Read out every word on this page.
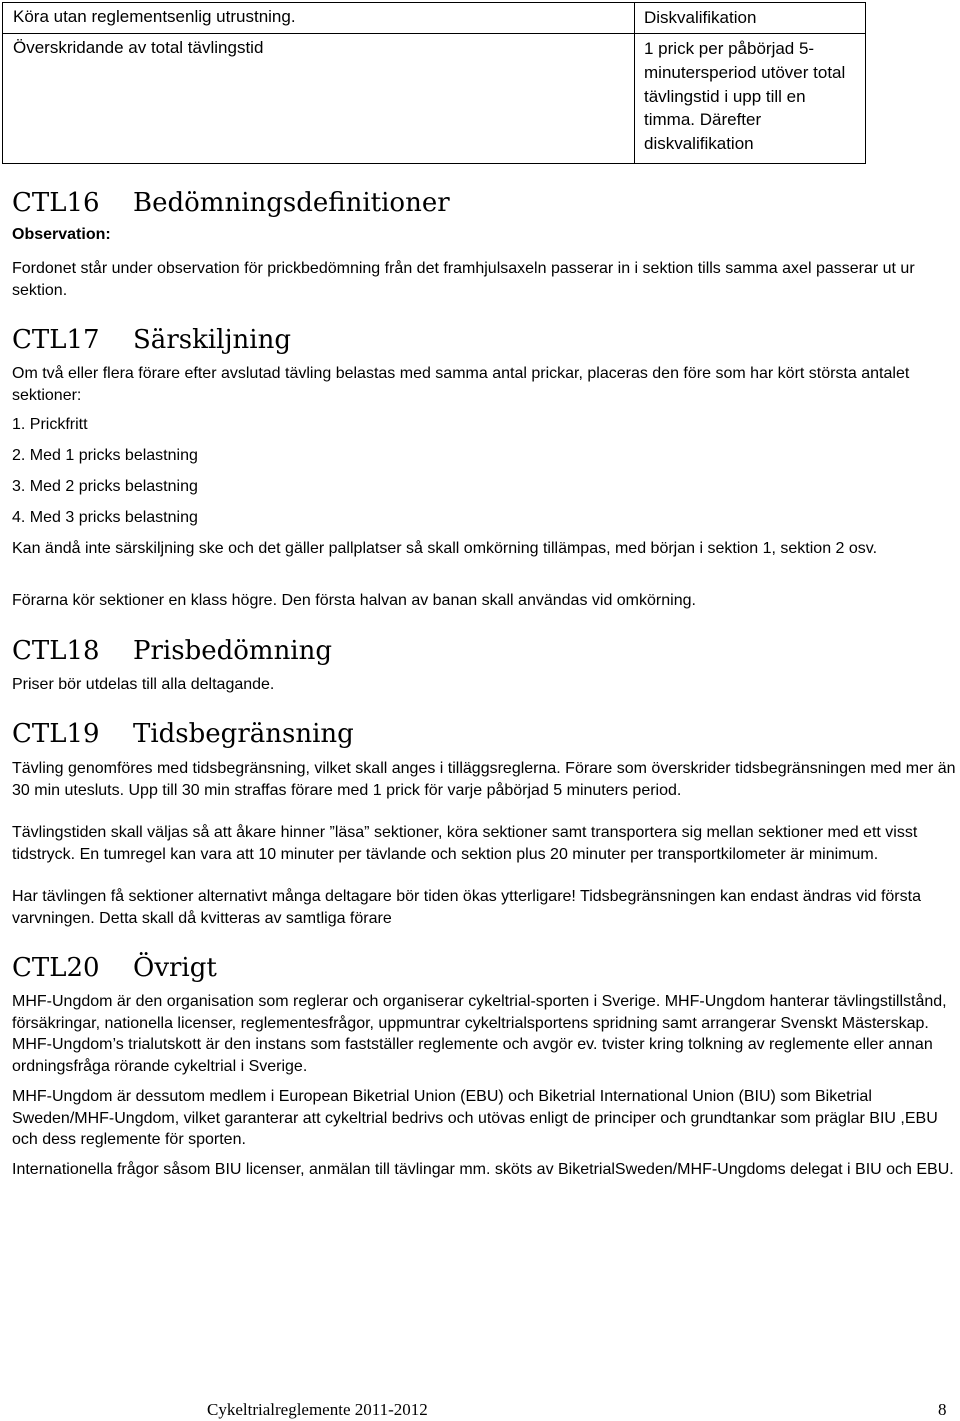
Köra utan reglementsenlig utrustning.	Diskvalifikation
Överskridande av total tävlingstid	1 prick per påbörjad 5-minutersperiod utöver total tävlingstid i upp till en timma. Därefter diskvalifikation
CTL16 Bedömningsdefinitioner
Observation:
Fordonet står under observation för prickbedömning från det framhjulsaxeln passerar in i sektion tills samma axel passerar ut ur sektion.
CTL17 Särskiljning
Om två eller flera förare efter avslutad tävling belastas med samma antal prickar, placeras den före som har kört största antalet sektioner:
1. Prickfritt
2. Med 1 pricks belastning
3. Med 2 pricks belastning
4. Med 3 pricks belastning
Kan ändå inte särskiljning ske och det gäller pallplatser så skall omkörning tillämpas, med början i sektion 1, sektion 2 osv.
Förarna kör sektioner en klass högre. Den första halvan av banan skall användas vid omkörning.
CTL18 Prisbedömning
Priser bör utdelas till alla deltagande.
CTL19 Tidsbegränsning
Tävling genomföres med tidsbegränsning, vilket skall anges i tilläggsreglerna. Förare som överskrider tidsbegränsningen med mer än 30 min utesluts. Upp till 30 min straffas förare med 1 prick för varje påbörjad 5 minuters period.
Tävlingstiden skall väljas så att åkare hinner ”läsa” sektioner, köra sektioner samt transportera sig mellan sektioner med ett visst tidstryck. En tumregel kan vara att 10 minuter per tävlande och sektion plus 20 minuter per transportkilometer är minimum.
Har tävlingen få sektioner alternativt många deltagare bör tiden ökas ytterligare! Tidsbegränsningen kan endast ändras vid första varvningen. Detta skall då kvitteras av samtliga förare
CTL20 Övrigt
MHF-Ungdom är den organisation som reglerar och organiserar cykeltrial-sporten i Sverige. MHF-Ungdom hanterar tävlingstillstånd, försäkringar, nationella licenser, reglementesfrågor, uppmuntrar cykeltrialsportens spridning samt arrangerar Svenskt Mästerskap. MHF-Ungdom’s trialutskott är den instans som fastställer reglemente och avgör ev. tvister kring tolkning av reglemente eller annan ordningsfråga rörande cykeltrial i Sverige.
MHF-Ungdom är dessutom medlem i European Biketrial Union (EBU) och Biketrial International Union (BIU) som Biketrial Sweden/MHF-Ungdom, vilket garanterar att cykeltrial bedrivs och utövas enligt de principer och grundtankar som präglar BIU ,EBU och dess reglemente för sporten.
Internationella frågor såsom BIU licenser, anmälan till tävlingar mm. sköts av BiketrialSweden/MHF-Ungdoms delegat i BIU och EBU.
Cykeltrialreglemente 2011-2012	8
